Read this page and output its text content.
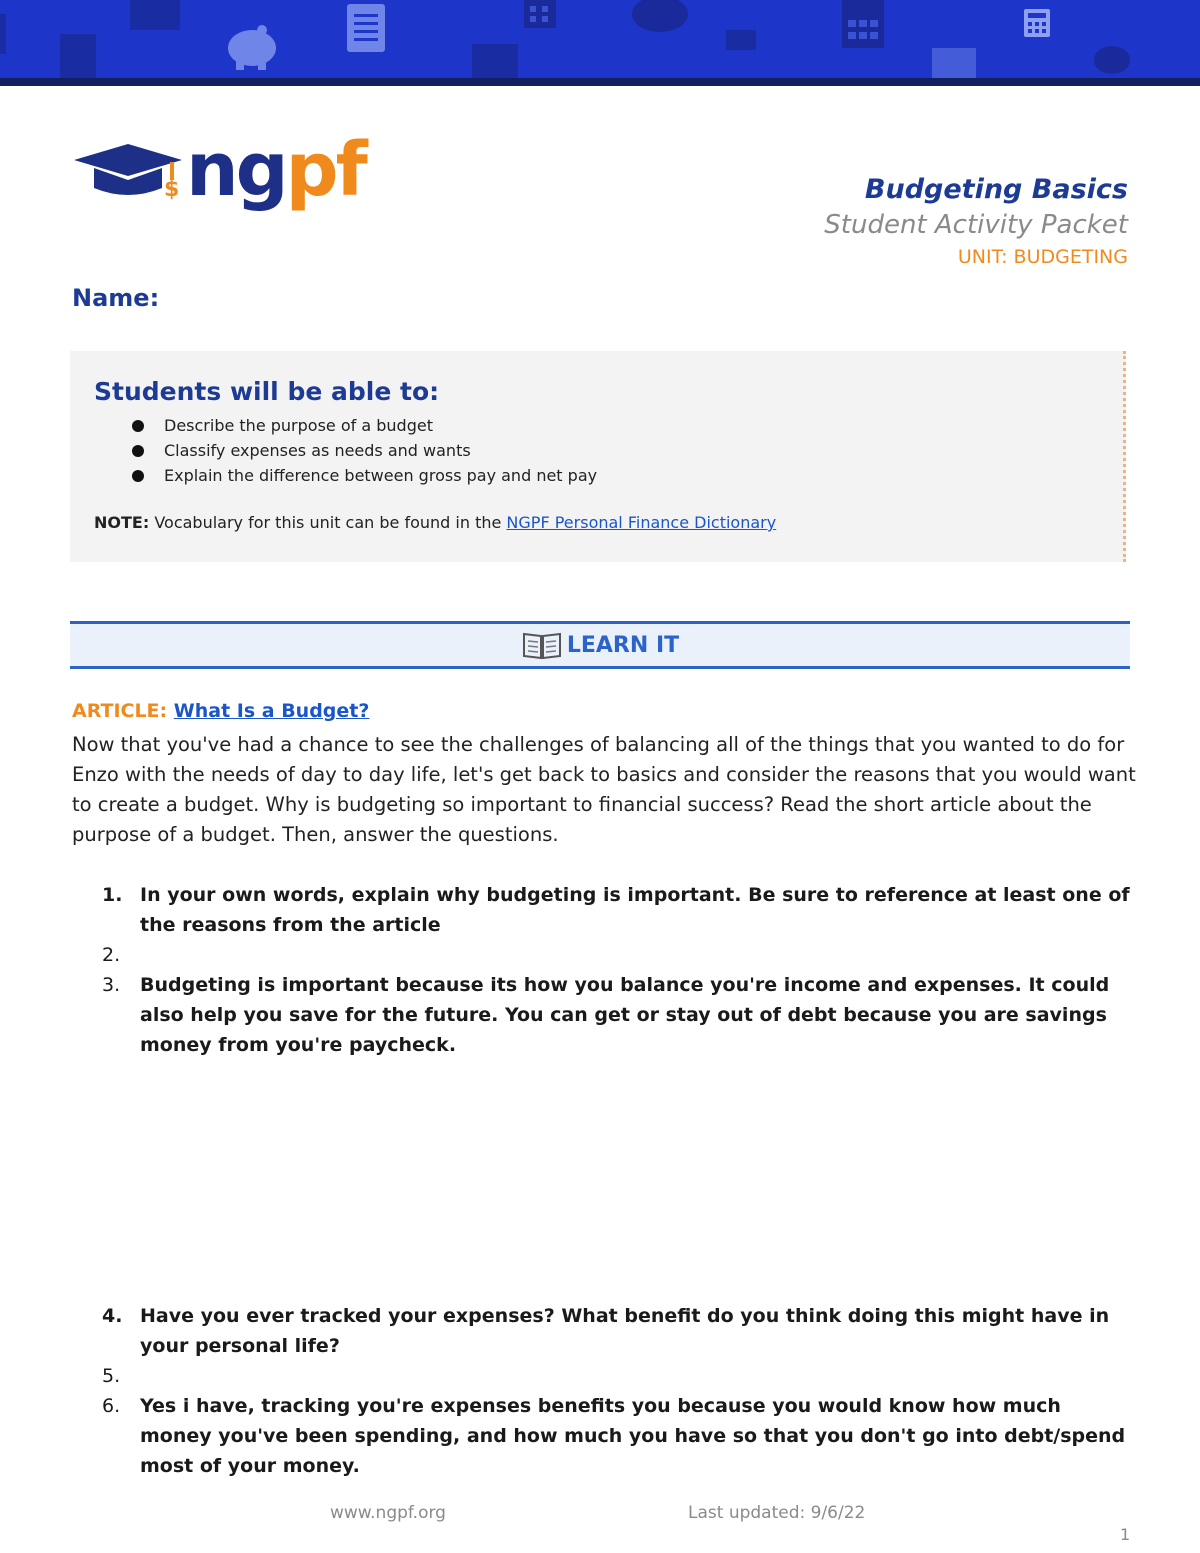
$ ngpf	Budgeting Basics
Student Activity Packet
UNIT: BUDGETING
Name:
Students will be able to:
Describe the purpose of a budget
Classify expenses as needs and wants
Explain the difference between gross pay and net pay
NOTE: Vocabulary for this unit can be found in the NGPF Personal Finance Dictionary
LEARN IT
ARTICLE: What Is a Budget?
Now that you've had a chance to see the challenges of balancing all of the things that you wanted to do for Enzo with the needs of day to day life, let's get back to basics and consider the reasons that you would want to create a budget. Why is budgeting so important to financial success? Read the short article about the purpose of a budget. Then, answer the questions.
1. In your own words, explain why budgeting is important. Be sure to reference at least one of the reasons from the article
2.
3. Budgeting is important because its how you balance you're income and expenses. It could also help you save for the future. You can get or stay out of debt because you are savings money from you're paycheck.
4. Have you ever tracked your expenses? What benefit do you think doing this might have in your personal life?
5.
6. Yes i have, tracking you're expenses benefits you because you would know how much money you've been spending, and how much you have so that you don't go into debt/spend most of your money.
www.ngpf.org	Last updated: 9/6/22
1
